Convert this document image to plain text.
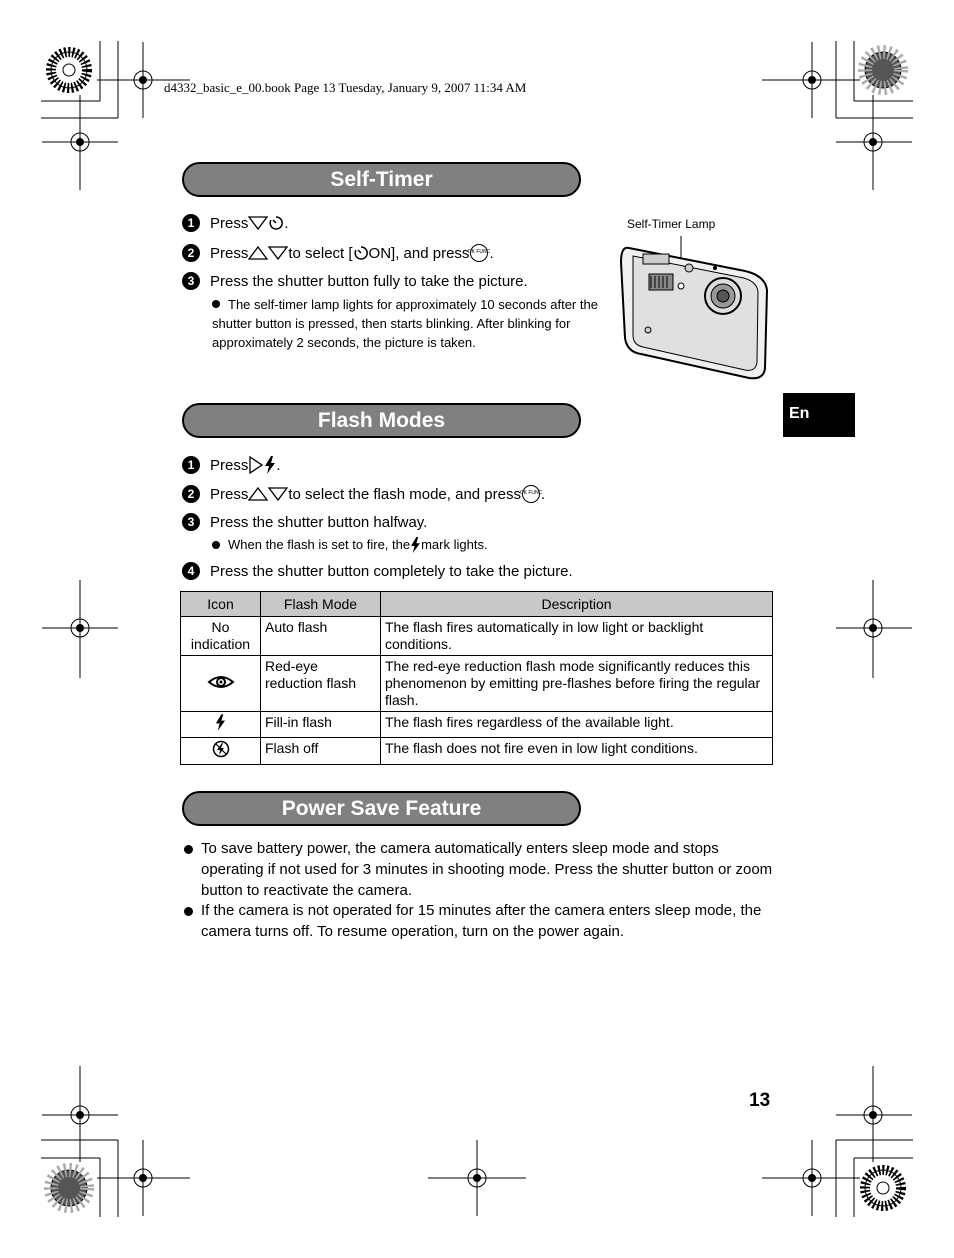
d4332_basic_e_00.book Page 13 Tuesday, January 9, 2007 11:34 AM
Self-Timer
1	Press .
2	Press	to select [ ON], and press
OK FUNC
.
3	Press the shutter button fully to take the picture.
The self-timer lamp lights for approximately 10 seconds after the shutter button is pressed, then starts blinking. After blinking for approximately 2 seconds, the picture is taken.
Self-Timer Lamp
En
Flash Modes
1	Press .
2	Press	to select the flash mode, and press
OK FUNC
.
3	Press the shutter button halfway.
When the flash is set to fire, the mark lights.
4	Press the shutter button completely to take the picture.
Icon	Flash Mode	Description
No indication	Auto flash	The flash fires automatically in low light or backlight conditions.
	Red-eye reduction flash	The red-eye reduction flash mode significantly reduces this phenomenon by emitting pre-flashes before firing the regular flash.
	Fill-in flash	The flash fires regardless of the available light.
	Flash off	The flash does not fire even in low light conditions.
Power Save Feature
To save battery power, the camera automatically enters sleep mode and stops operating if not used for 3 minutes in shooting mode. Press the shutter button or zoom button to reactivate the camera.
If the camera is not operated for 15 minutes after the camera enters sleep mode, the camera turns off. To resume operation, turn on the power again.
13
